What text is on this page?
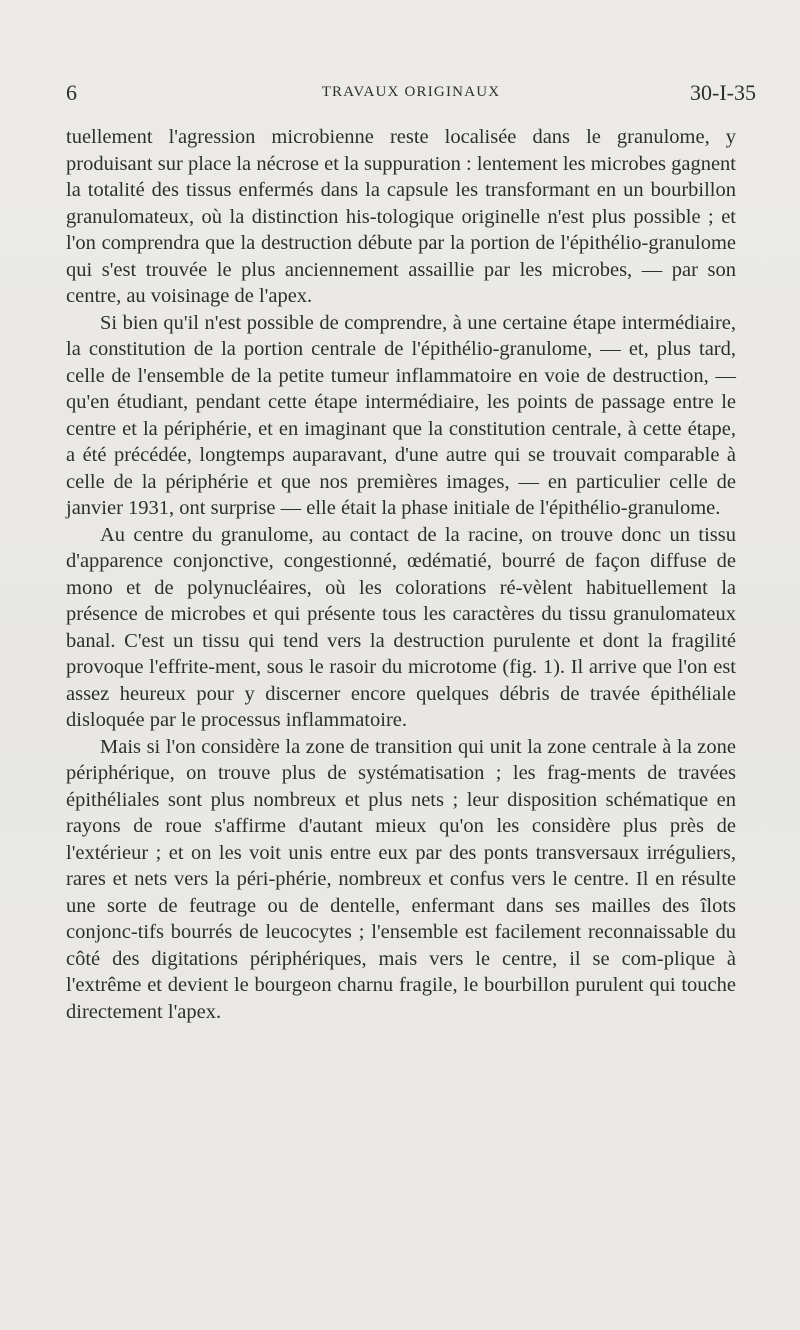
6	TRAVAUX ORIGINAUX	30-I-35

tuellement l'agression microbienne reste localisée dans le granulome, y produisant sur place la nécrose et la suppuration : lentement les microbes gagnent la totalité des tissus enfermés dans la capsule les transformant en un bourbillon granulomateux, où la distinction his-tologique originelle n'est plus possible ; et l'on comprendra que la destruction débute par la portion de l'épithélio-granulome qui s'est trouvée le plus anciennement assaillie par les microbes, — par son centre, au voisinage de l'apex.

Si bien qu'il n'est possible de comprendre, à une certaine étape intermédiaire, la constitution de la portion centrale de l'épithélio-granulome, — et, plus tard, celle de l'ensemble de la petite tumeur inflammatoire en voie de destruction, — qu'en étudiant, pendant cette étape intermédiaire, les points de passage entre le centre et la périphérie, et en imaginant que la constitution centrale, à cette étape, a été précédée, longtemps auparavant, d'une autre qui se trouvait comparable à celle de la périphérie et que nos premières images, — en particulier celle de janvier 1931, ont surprise — elle était la phase initiale de l'épithélio-granulome.

Au centre du granulome, au contact de la racine, on trouve donc un tissu d'apparence conjonctive, congestionné, œdématié, bourré de façon diffuse de mono et de polynucléaires, où les colorations ré-vèlent habituellement la présence de microbes et qui présente tous les caractères du tissu granulomateux banal. C'est un tissu qui tend vers la destruction purulente et dont la fragilité provoque l'effrite-ment, sous le rasoir du microtome (fig. 1). Il arrive que l'on est assez heureux pour y discerner encore quelques débris de travée épithéliale disloquée par le processus inflammatoire.

Mais si l'on considère la zone de transition qui unit la zone centrale à la zone périphérique, on trouve plus de systématisation ; les frag-ments de travées épithéliales sont plus nombreux et plus nets ; leur disposition schématique en rayons de roue s'affirme d'autant mieux qu'on les considère plus près de l'extérieur ; et on les voit unis entre eux par des ponts transversaux irréguliers, rares et nets vers la péri-phérie, nombreux et confus vers le centre. Il en résulte une sorte de feutrage ou de dentelle, enfermant dans ses mailles des îlots conjonc-tifs bourrés de leucocytes ; l'ensemble est facilement reconnaissable du côté des digitations périphériques, mais vers le centre, il se com-plique à l'extrême et devient le bourgeon charnu fragile, le bourbillon purulent qui touche directement l'apex.
